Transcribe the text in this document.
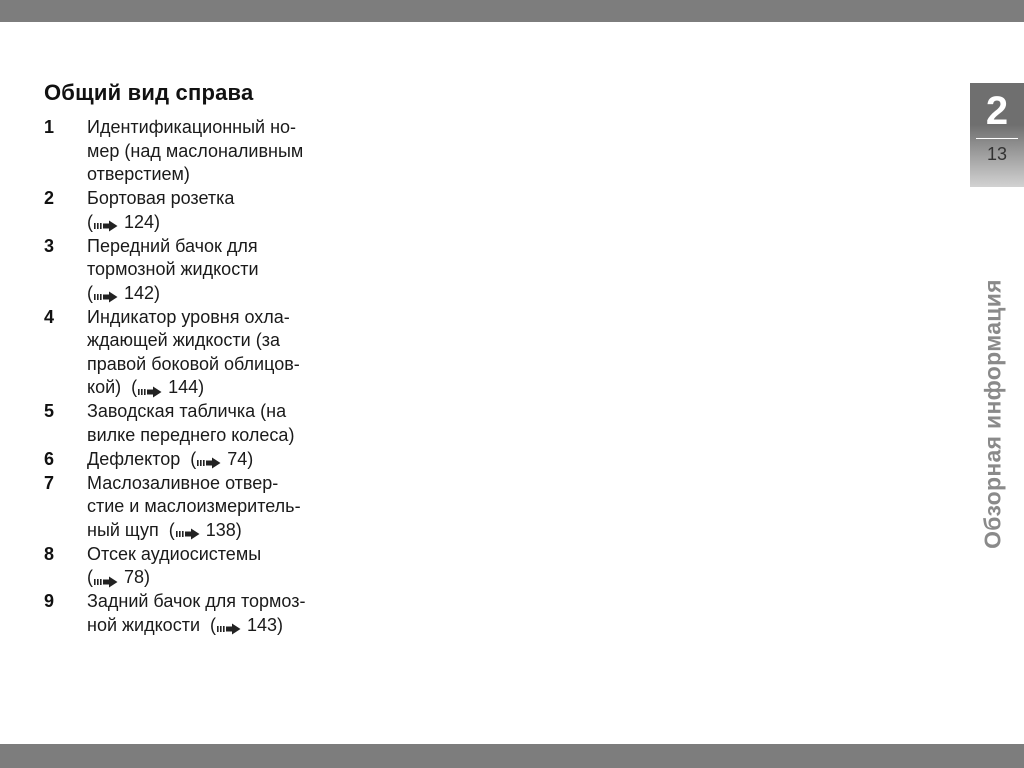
Общий вид справа
1	Идентификационный но-
мер (над маслоналивным
отверстием)
2	Бортовая розетка
( 124)
3	Передний бачок для
тормозной жидкости
( 142)
4	Индикатор уровня охла-
ждающей жидкости (за
правой боковой облицов-
кой)  ( 144)
5	Заводская табличка (на
вилке переднего колеса)
6	Дефлектор  ( 74)
7	Маслозаливное отвер-
стие и маслоизмеритель-
ный щуп  ( 138)
8	Отсек аудиосистемы
( 78)
9	Задний бачок для тормоз-
ной жидкости  ( 143)
2
13
Обзорная информация
